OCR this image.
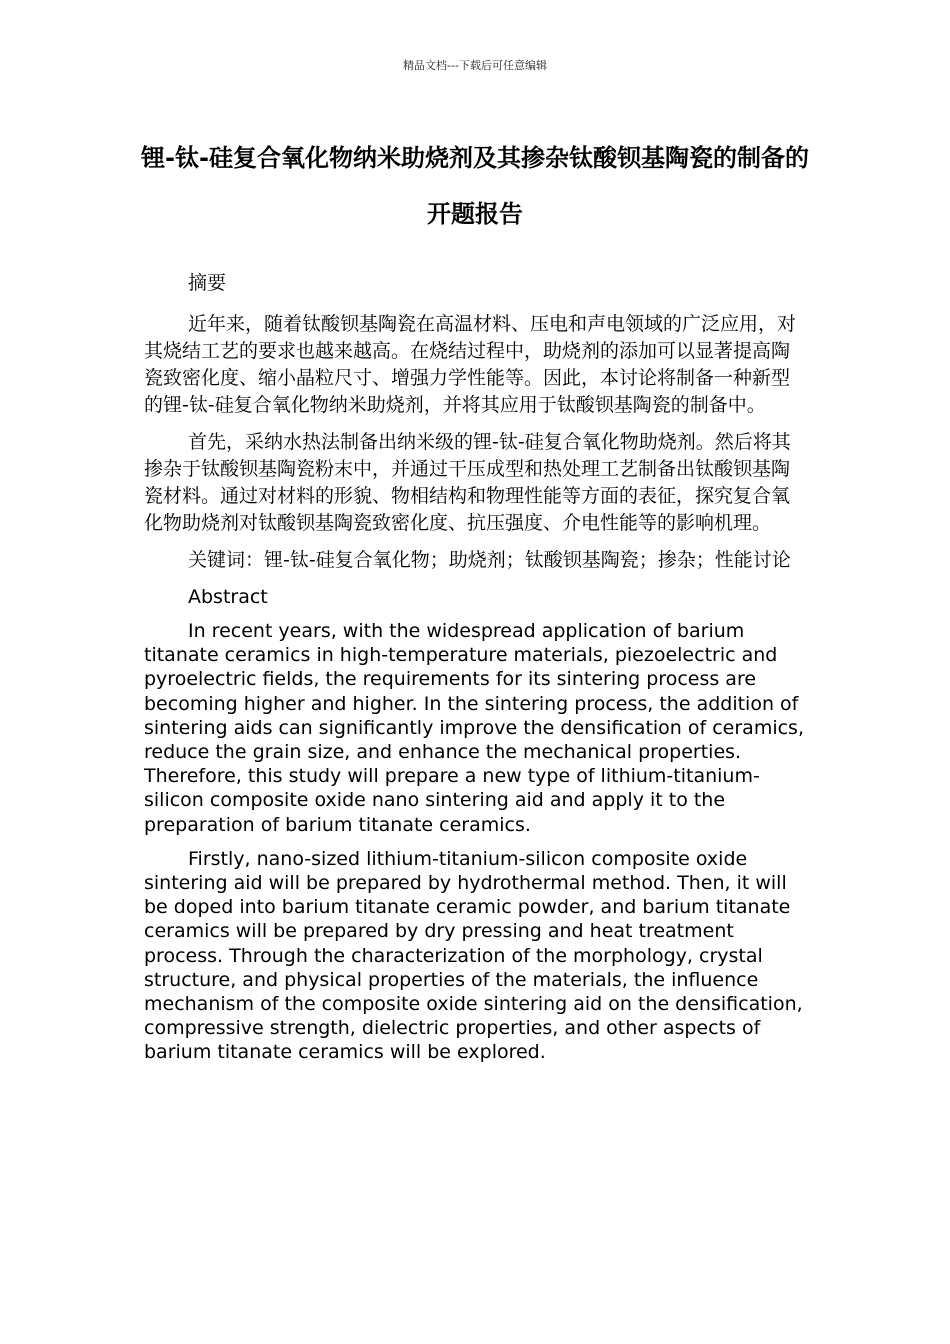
精品文档---下载后可任意编辑
锂-钛-硅复合氧化物纳米助烧剂及其掺杂钛酸钡基陶瓷的制备的开题报告

摘要

近年来，随着钛酸钡基陶瓷在高温材料、压电和声电领域的广泛应用，对其烧结工艺的要求也越来越高。在烧结过程中，助烧剂的添加可以显著提高陶瓷致密化度、缩小晶粒尺寸、增强力学性能等。因此，本讨论将制备一种新型的锂-钛-硅复合氧化物纳米助烧剂，并将其应用于钛酸钡基陶瓷的制备中。

首先，采纳水热法制备出纳米级的锂-钛-硅复合氧化物助烧剂。然后将其掺杂于钛酸钡基陶瓷粉末中，并通过干压成型和热处理工艺制备出钛酸钡基陶瓷材料。通过对材料的形貌、物相结构和物理性能等方面的表征，探究复合氧化物助烧剂对钛酸钡基陶瓷致密化度、抗压强度、介电性能等的影响机理。

关键词：锂-钛-硅复合氧化物；助烧剂；钛酸钡基陶瓷；掺杂；性能讨论

Abstract

In recent years, with the widespread application of barium titanate ceramics in high-temperature materials, piezoelectric and pyroelectric fields, the requirements for its sintering process are becoming higher and higher. In the sintering process, the addition of sintering aids can significantly improve the densification of ceramics, reduce the grain size, and enhance the mechanical properties. Therefore, this study will prepare a new type of lithium-titanium-silicon composite oxide nano sintering aid and apply it to the preparation of barium titanate ceramics.

Firstly, nano-sized lithium-titanium-silicon composite oxide sintering aid will be prepared by hydrothermal method. Then, it will be doped into barium titanate ceramic powder, and barium titanate ceramics will be prepared by dry pressing and heat treatment process. Through the characterization of the morphology, crystal structure, and physical properties of the materials, the influence mechanism of the composite oxide sintering aid on the densification, compressive strength, dielectric properties, and other aspects of barium titanate ceramics will be explored.
